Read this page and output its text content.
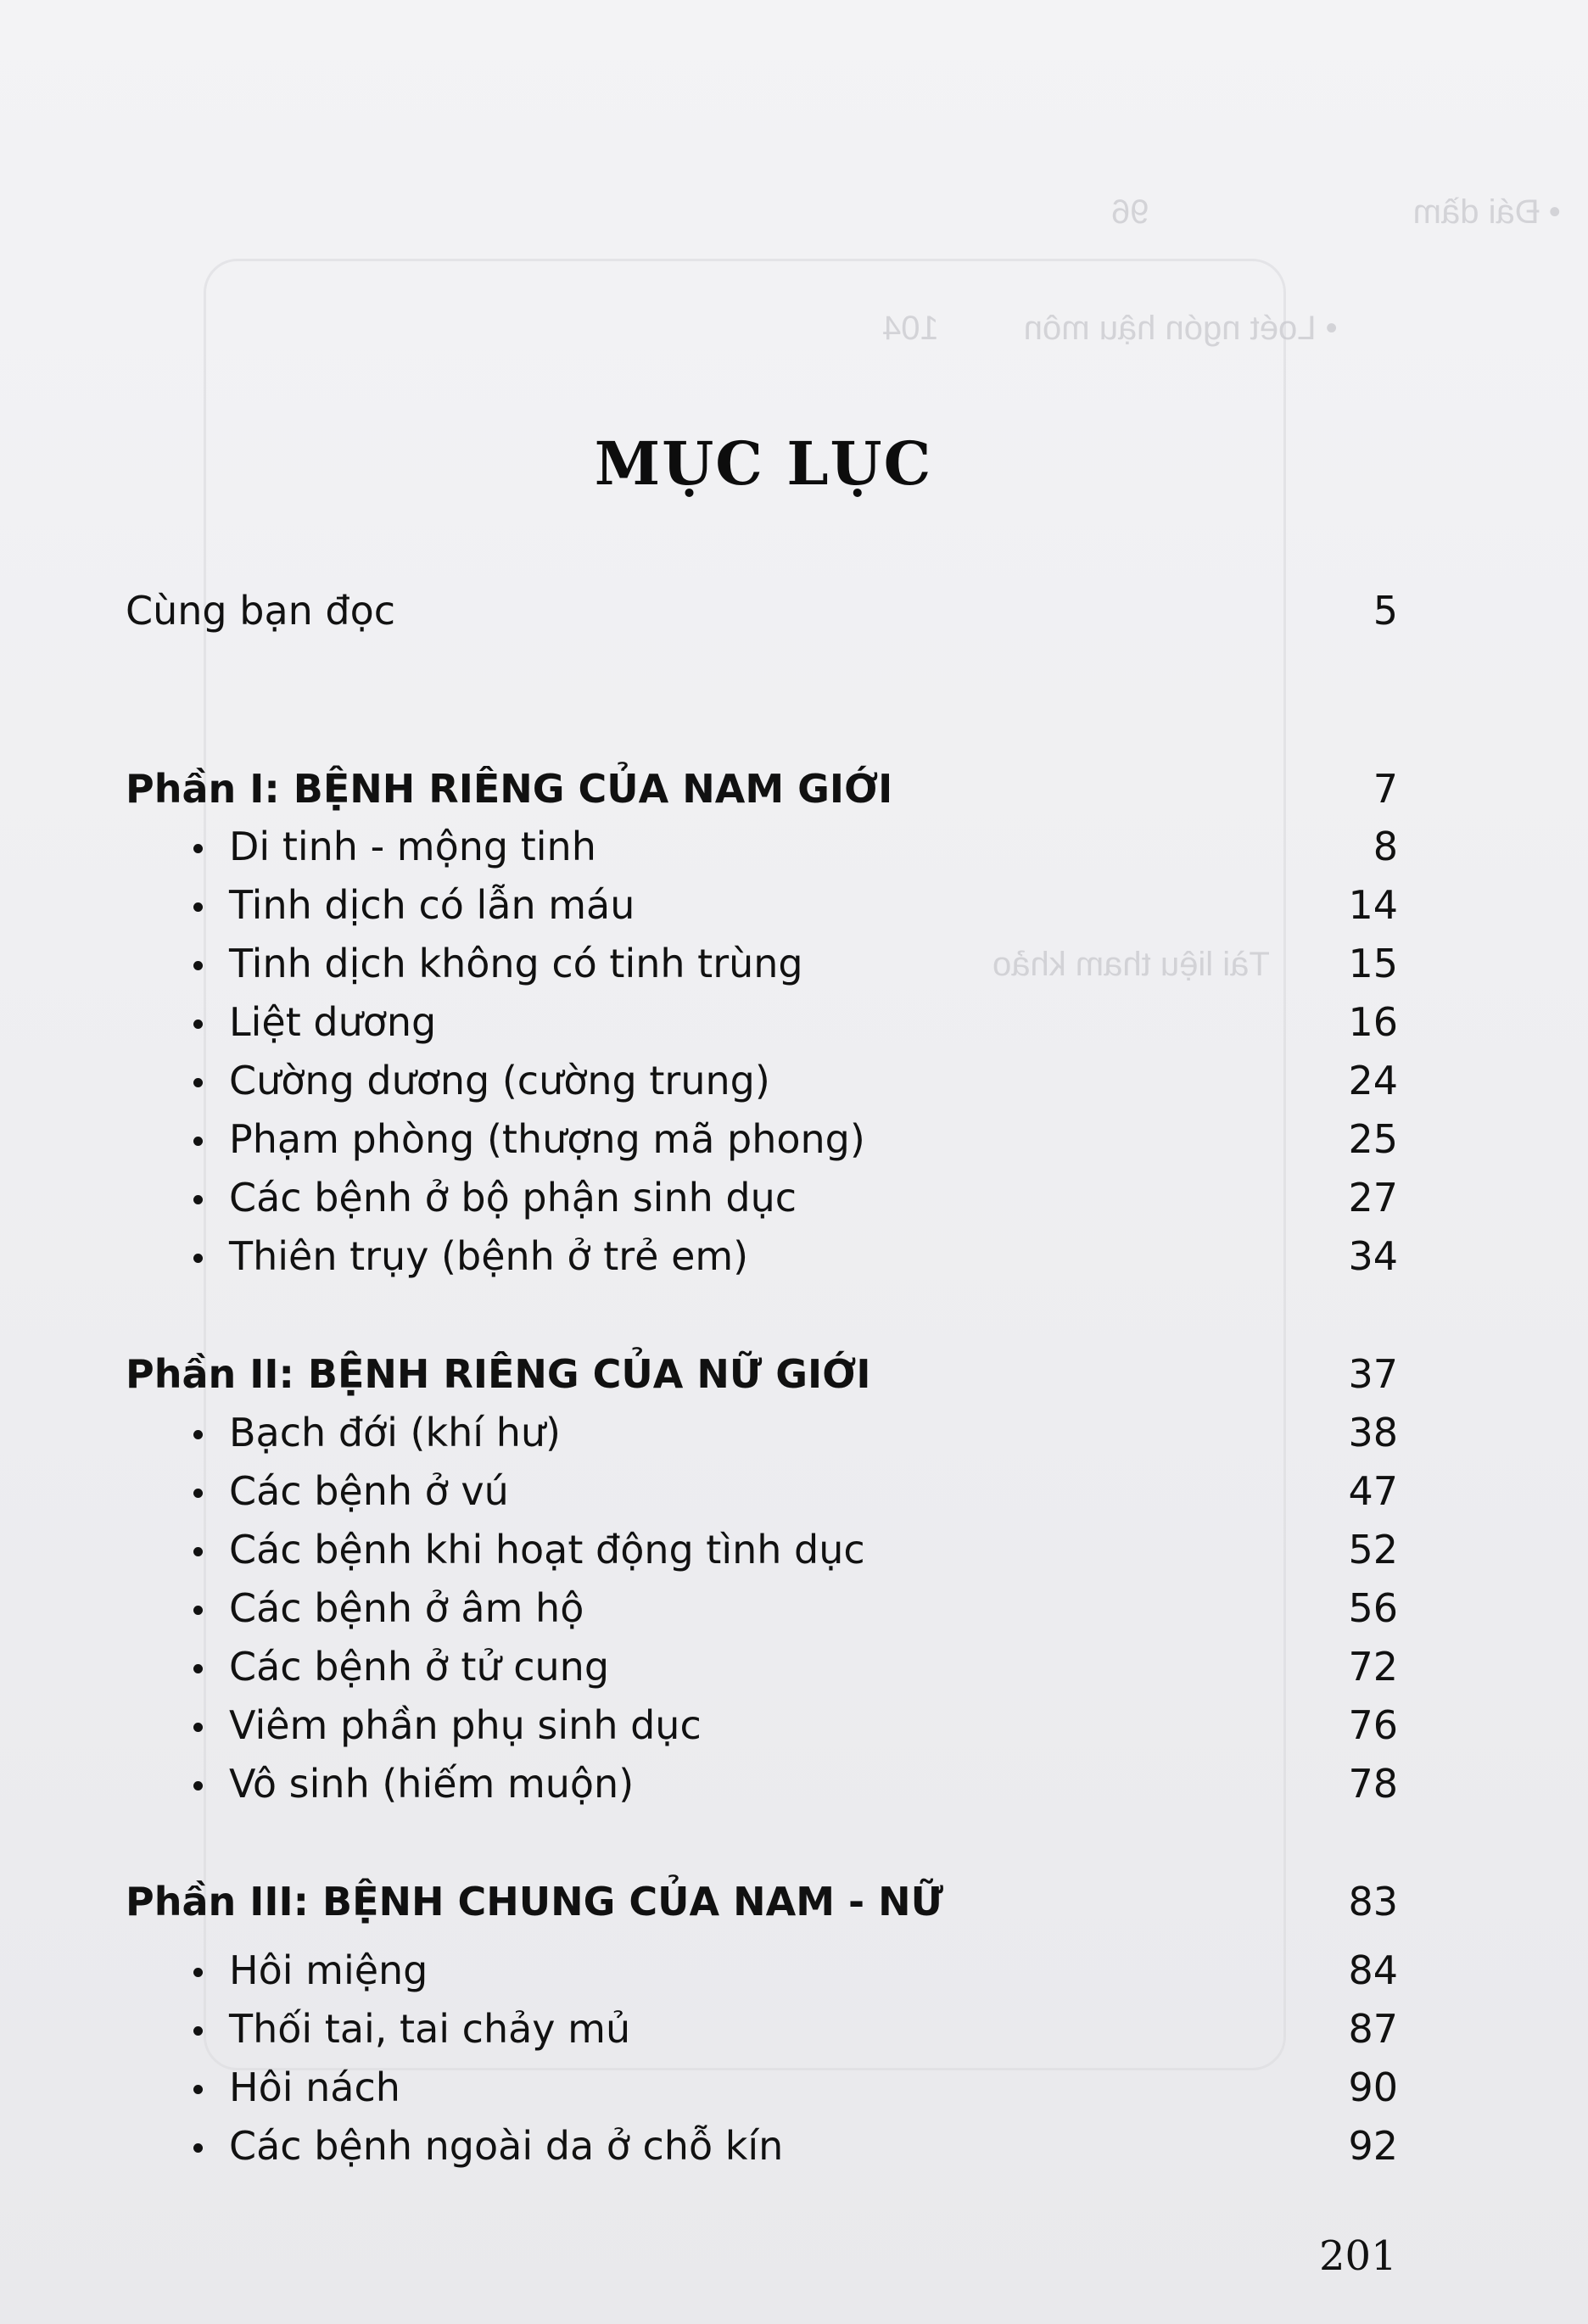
• Đái dầm                            96
• Loét ngón hậu môn         104
Tài liệu tham khảo
MỤC LỤC
Cùng bạn đọc	5
Phần I: BỆNH RIÊNG CỦA NAM GIỚI	7
Di tinh - mộng tinh	8
Tinh dịch có lẫn máu	14
Tinh dịch không có tinh trùng	15
Liệt dương	16
Cường dương (cường trung)	24
Phạm phòng (thượng mã phong)	25
Các bệnh ở bộ phận sinh dục	27
Thiên trụy (bệnh ở trẻ em)	34
Phần II: BỆNH RIÊNG CỦA NỮ GIỚI	37
Bạch đới (khí hư)	38
Các bệnh ở vú	47
Các bệnh khi hoạt động tình dục	52
Các bệnh ở âm hộ	56
Các bệnh ở tử cung	72
Viêm phần phụ sinh dục	76
Vô sinh (hiếm muộn)	78
Phần III: BỆNH CHUNG CỦA NAM - NỮ	83
Hôi miệng	84
Thối tai, tai chảy mủ	87
Hôi nách	90
Các bệnh ngoài da ở chỗ kín	92
201
